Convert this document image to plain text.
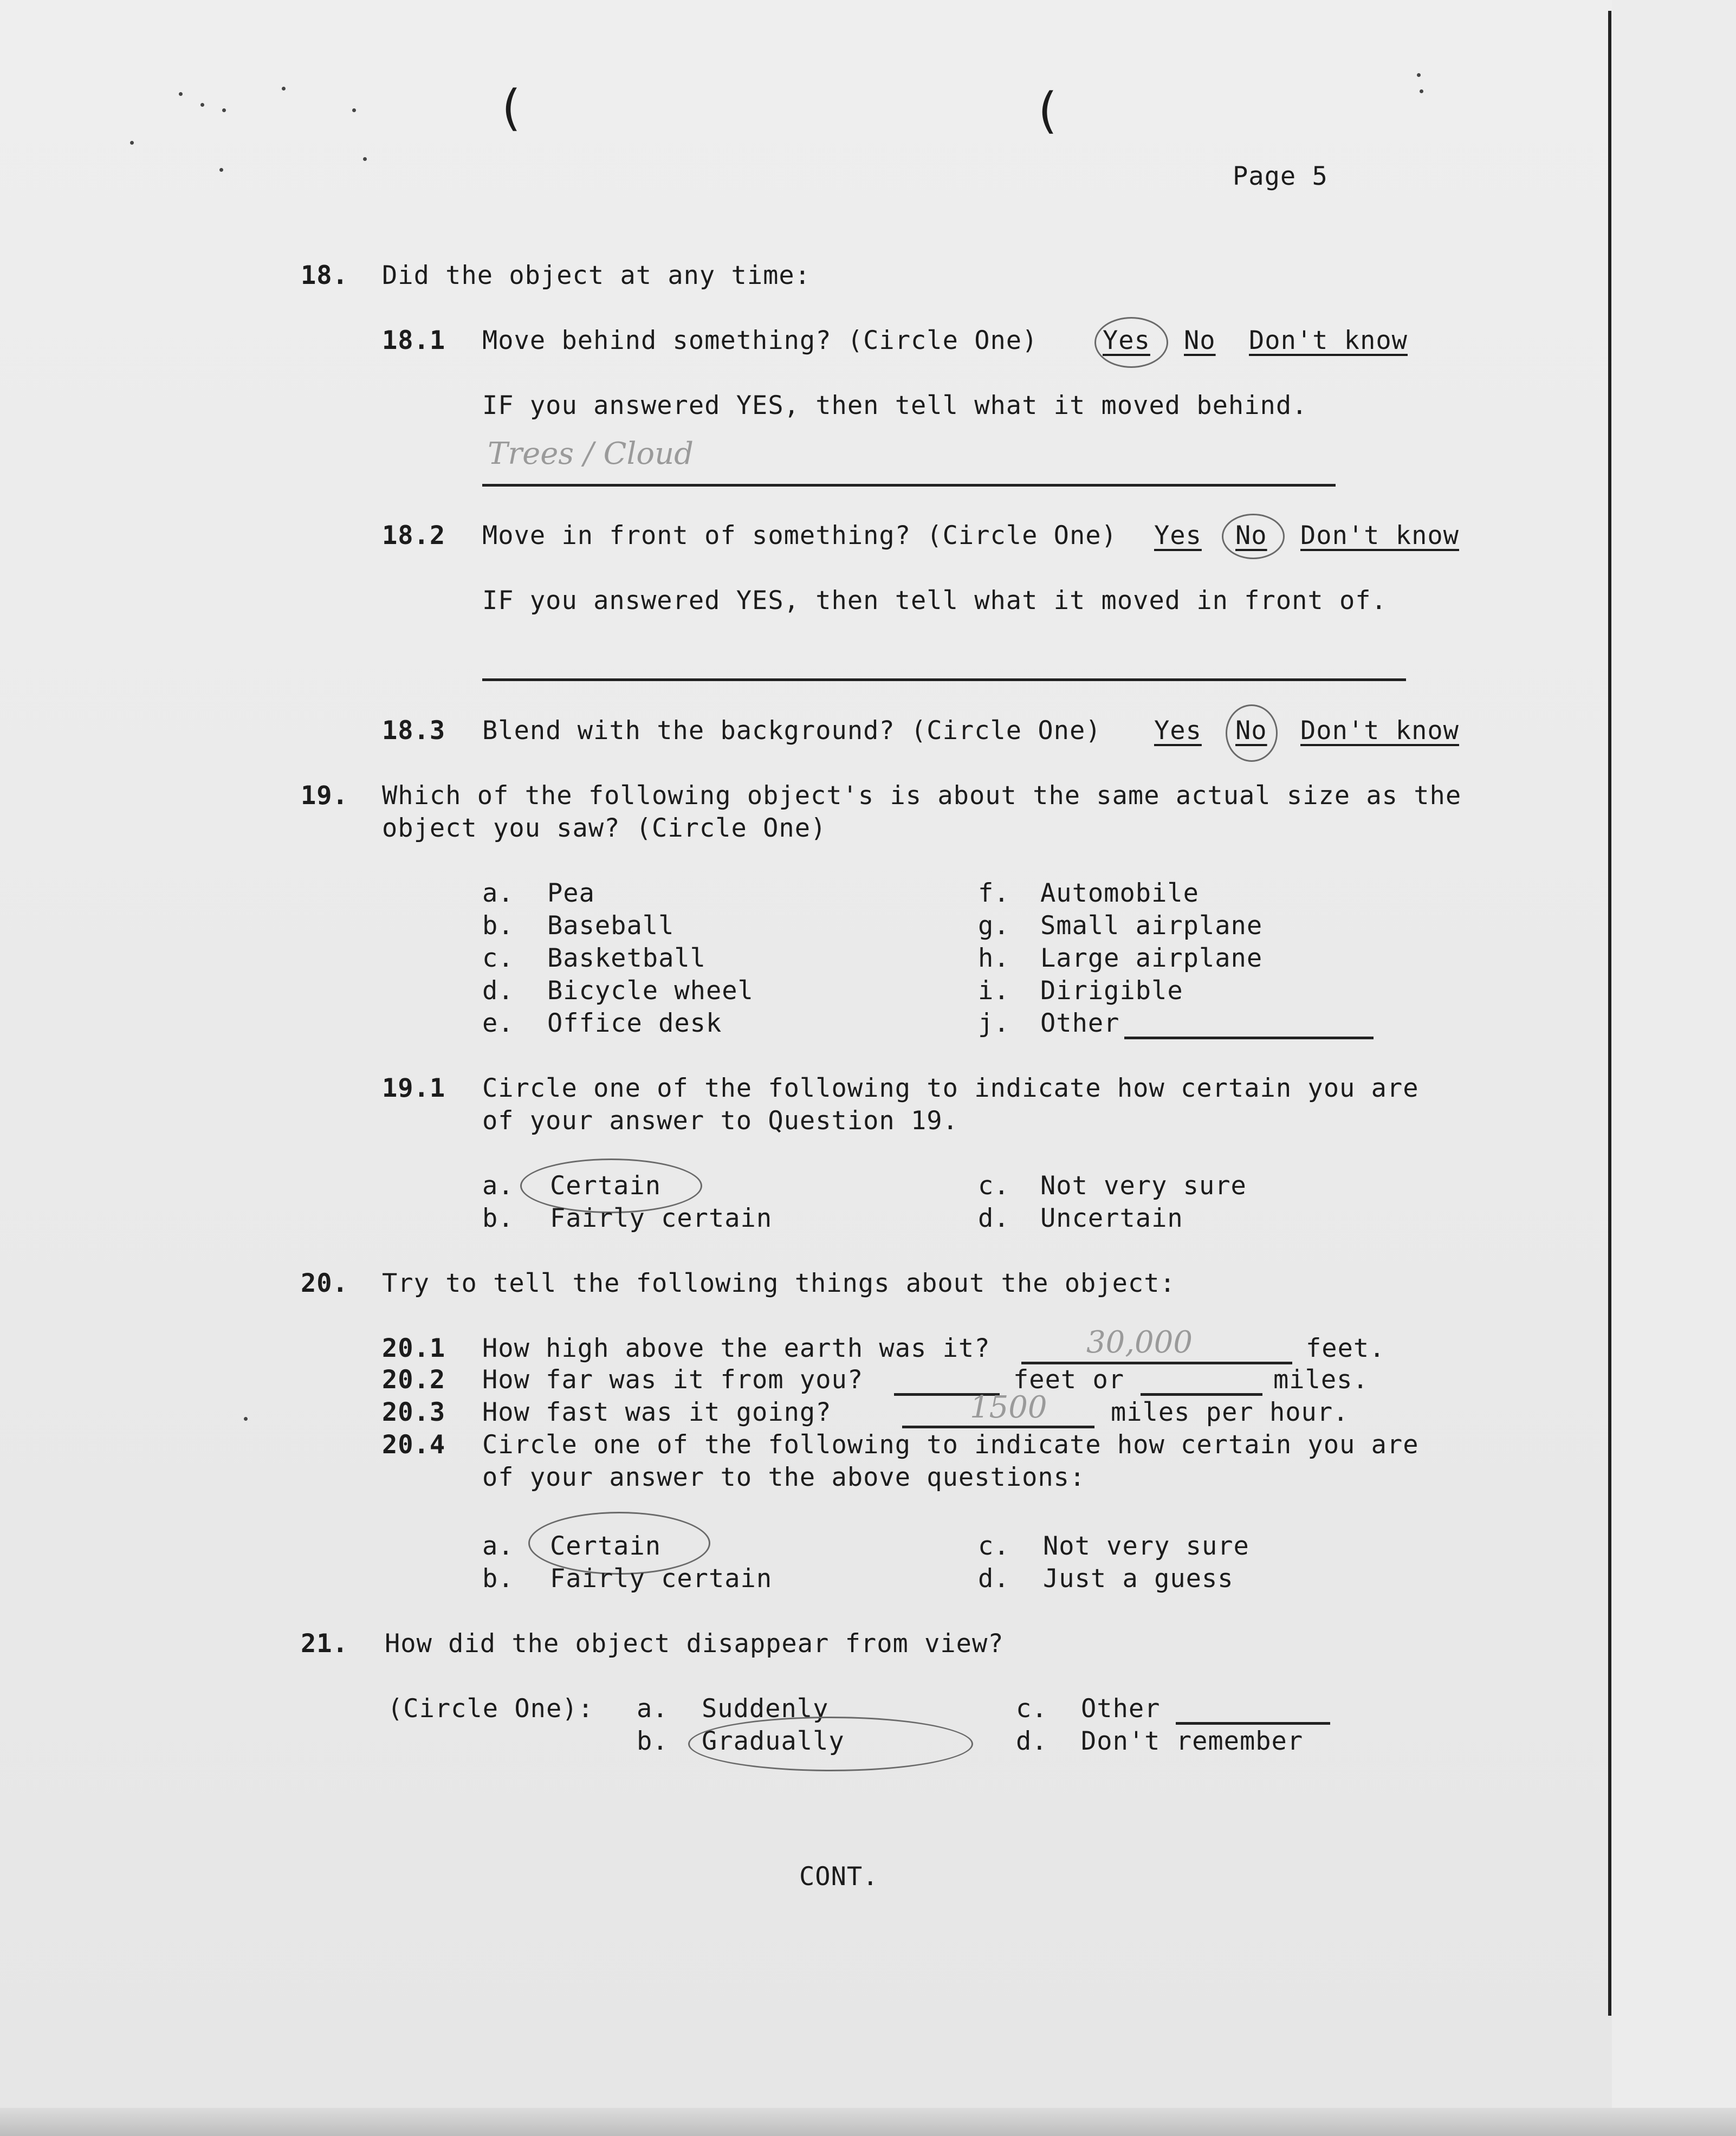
(	(
Page 5
18. Did the object at any time:
18.1 Move behind something? (Circle One)	Yes No Don't know
IF you answered YES, then tell what it moved behind.
Trees / Cloud
18.2 Move in front of something? (Circle One) Yes No Don't know
IF you answered YES, then tell what it moved in front of.
18.3 Blend with the background? (Circle One) Yes No Don't know
19. Which of the following object's is about the same actual size as the
object you saw? (Circle One)
a. Pea
b. Baseball
c. Basketball
d. Bicycle wheel
e. Office desk
f. Automobile
g. Small airplane
h. Large airplane
i. Dirigible
j. Other
19.1 Circle one of the following to indicate how certain you are
of your answer to Question 19.
a. Certain
b. Fairly certain
c. Not very sure
d. Uncertain
20. Try to tell the following things about the object:
20.1 How high above the earth was it?	30,000	feet.
20.2 How far was it from you?	feet or	miles.
20.3 How fast was it going?	1500 miles per hour.
20.4 Circle one of the following to indicate how certain you are
of your answer to the above questions:
a. Certain
b. Fairly certain
c. Not very sure
d. Just a guess
21. How did the object disappear from view?
(Circle One): a. Suddenly
b. Gradually
c. Other
d. Don't remember
CONT.
